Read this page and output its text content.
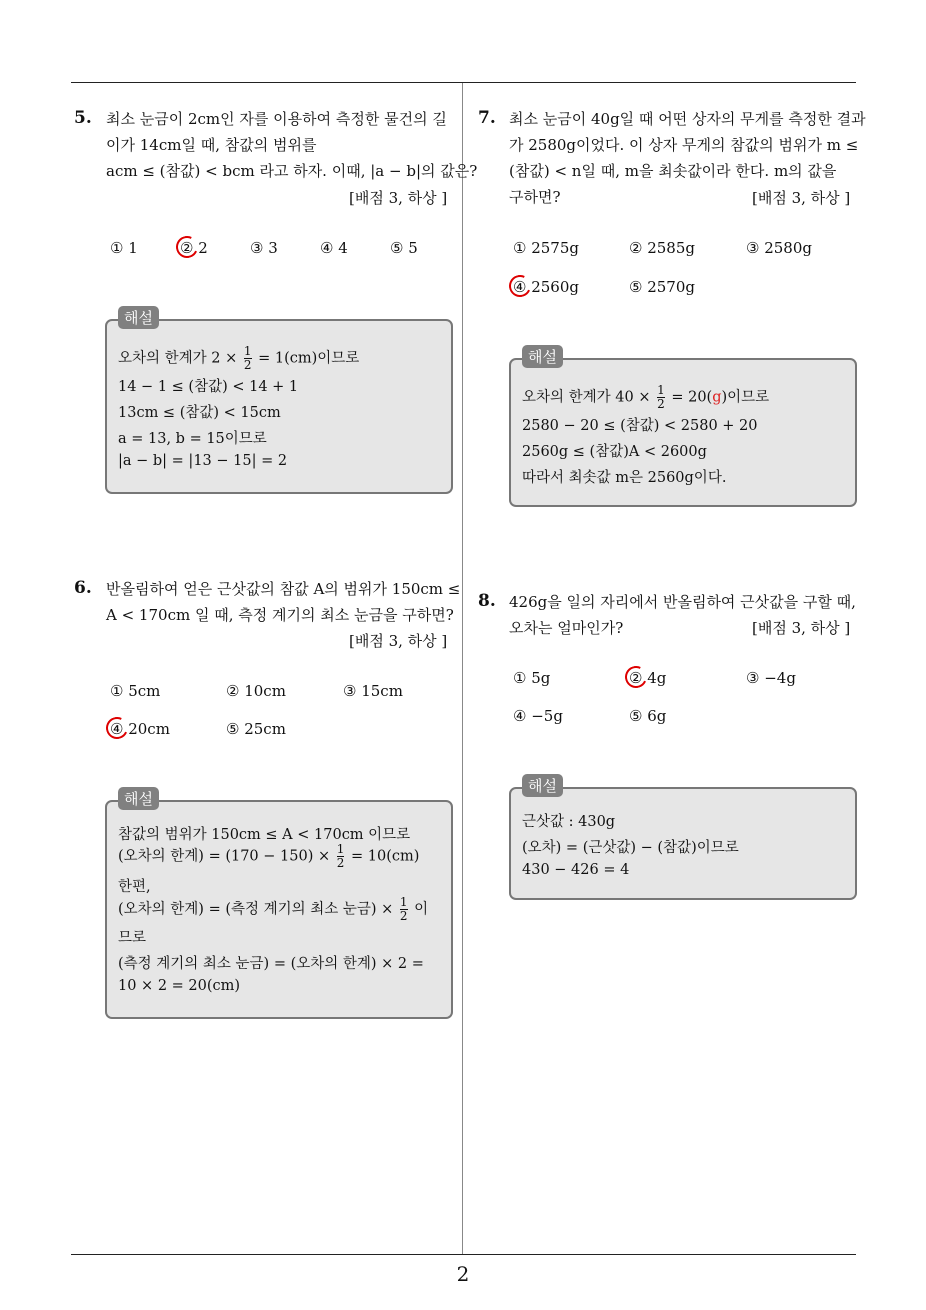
2
5. 최소 눈금이 2cm인 자를 이용하여 측정한 물건의 길
이가 14cm일 때, 참값의 범위를
acm ≤ (참값) < bcm 라고 하자. 이때, |a − b|의 값은?
[배점 3, 하상 ]
① 1	② 2	③ 3	④ 4	⑤ 5
해설
오차의 한계가 $2 \times \frac{1}{2} = 1(cm)$이므로
14 − 1 ≤ (참값) < 14 + 1
13cm ≤ (참값) < 15cm
a = 13, b = 15이므로
|a − b| = |13 − 15| = 2
6. 반올림하여 얻은 근삿값의 참값 A의 범위가 150cm ≤
A < 170cm 일 때, 측정 계기의 최소 눈금을 구하면?
[배점 3, 하상 ]
① 5cm	② 10cm	③ 15cm
④ 20cm	⑤ 25cm
해설
참값의 범위가 150cm ≤ A < 170cm 이므로
(오차의 한계) = $(170 - 150) \times \frac{1}{2} = 10(cm)$
한편,
(오차의 한계) = (측정 계기의 최소 눈금) × $\frac{1}{2}$ 이
므로
(측정 계기의 최소 눈금) = (오차의 한계) × 2 =
10 × 2 = 20(cm)
7. 최소 눈금이 40g일 때 어떤 상자의 무게를 측정한 결과
가 2580g이었다. 이 상자 무게의 참값의 범위가 m ≤
(참값) < n일 때, m을 최솟값이라 한다. m의 값을
구하면?	[배점 3, 하상 ]
① 2575g	② 2585g	③ 2580g
④ 2560g	⑤ 2570g
해설
오차의 한계가 $40 \times \frac{1}{2} = 20(g)$이므로
2580 − 20 ≤ (참값) < 2580 + 20
2560g ≤ (참값)A < 2600g
따라서 최솟값 m은 2560g이다.
8. 426g을 일의 자리에서 반올림하여 근삿값을 구할 때,
오차는 얼마인가?	[배점 3, 하상 ]
① 5g	② 4g	③ −4g
④ −5g	⑤ 6g
해설
근삿값 : 430g
(오차) = (근삿값) − (참값)이므로
430 − 426 = 4
